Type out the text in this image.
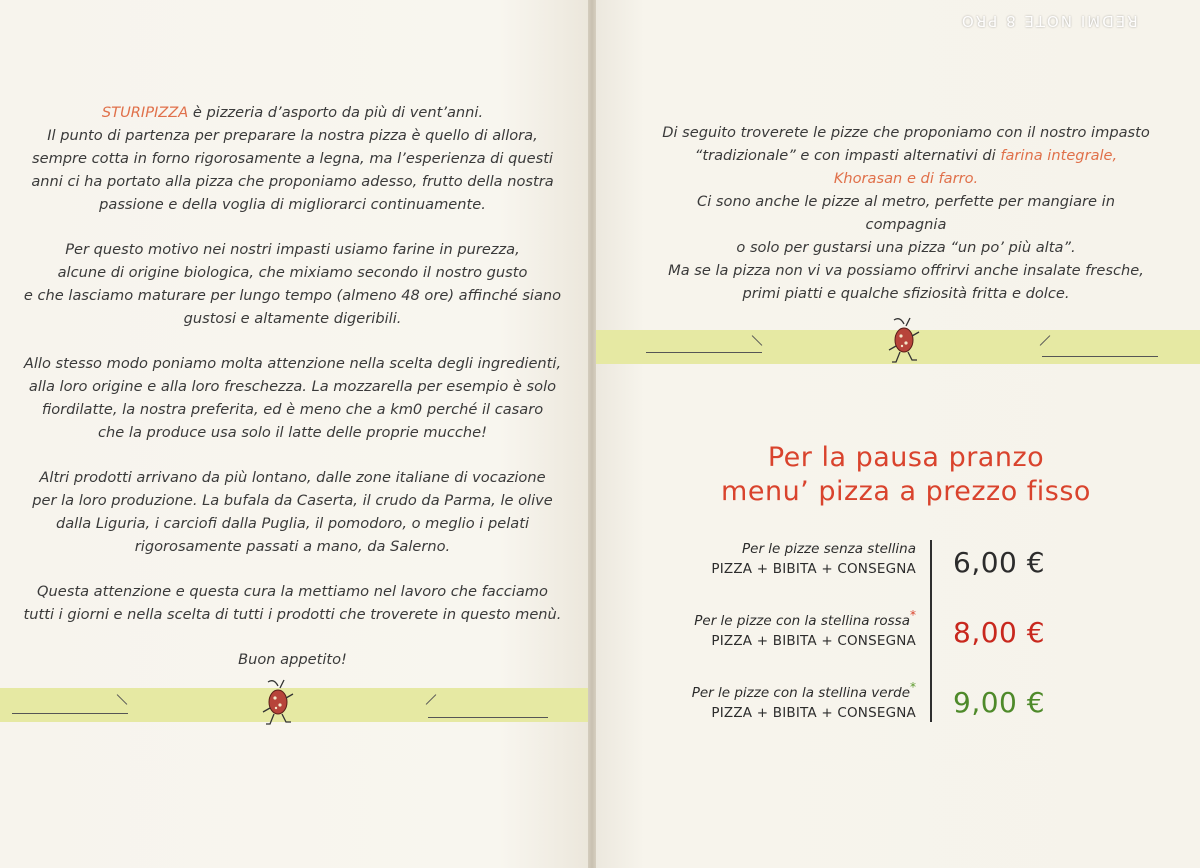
STURIPIZZA è pizzeria d’asporto da più di vent’anni.
Il punto di partenza per preparare la nostra pizza è quello di allora,
sempre cotta in forno rigorosamente a legna, ma l’esperienza di questi
anni ci ha portato alla pizza che proponiamo adesso, frutto della nostra
passione e della voglia di migliorarci continuamente.

Per questo motivo nei nostri impasti usiamo farine in purezza,
alcune di origine biologica, che mixiamo secondo il nostro gusto
e che lasciamo maturare per lungo tempo (almeno 48 ore) affinché siano
gustosi e altamente digeribili.

Allo stesso modo poniamo molta attenzione nella scelta degli ingredienti,
alla loro origine e alla loro freschezza. La mozzarella per esempio è solo
fiordilatte, la nostra preferita, ed è meno che a km0 perché il casaro
che la produce usa solo il latte delle proprie mucche!

Altri prodotti arrivano da più lontano, dalle zone italiane di vocazione
per la loro produzione. La bufala da Caserta, il crudo da Parma, le olive
dalla Liguria, i carciofi dalla Puglia, il pomodoro, o meglio i pelati
rigorosamente passati a mano, da Salerno.

Questa attenzione e questa cura la mettiamo nel lavoro che facciamo
tutti i giorni e nella scelta di tutti i prodotti che troverete in questo menù.

Buon appetito!

Di seguito troverete le pizze che proponiamo con il nostro impasto
“tradizionale” e con impasti alternativi di farina integrale,
Khorasan e di farro.
Ci sono anche le pizze al metro, perfette per mangiare in compagnia
o solo per gustarsi una pizza “un po’ più alta”.
Ma se la pizza non vi va possiamo offrirvi anche insalate fresche,
primi piatti e qualche sfiziosità fritta e dolce.
Per la pausa pranzo
menu’ pizza a prezzo fisso
Per le pizze senza stellina
PIZZA + BIBITA + CONSEGNA 6,00 €
Per le pizze con la stellina rossa*
PIZZA + BIBITA + CONSEGNA 8,00 €
Per le pizze con la stellina verde*
PIZZA + BIBITA + CONSEGNA 9,00 €
REDMI NOTE 8 PRO
